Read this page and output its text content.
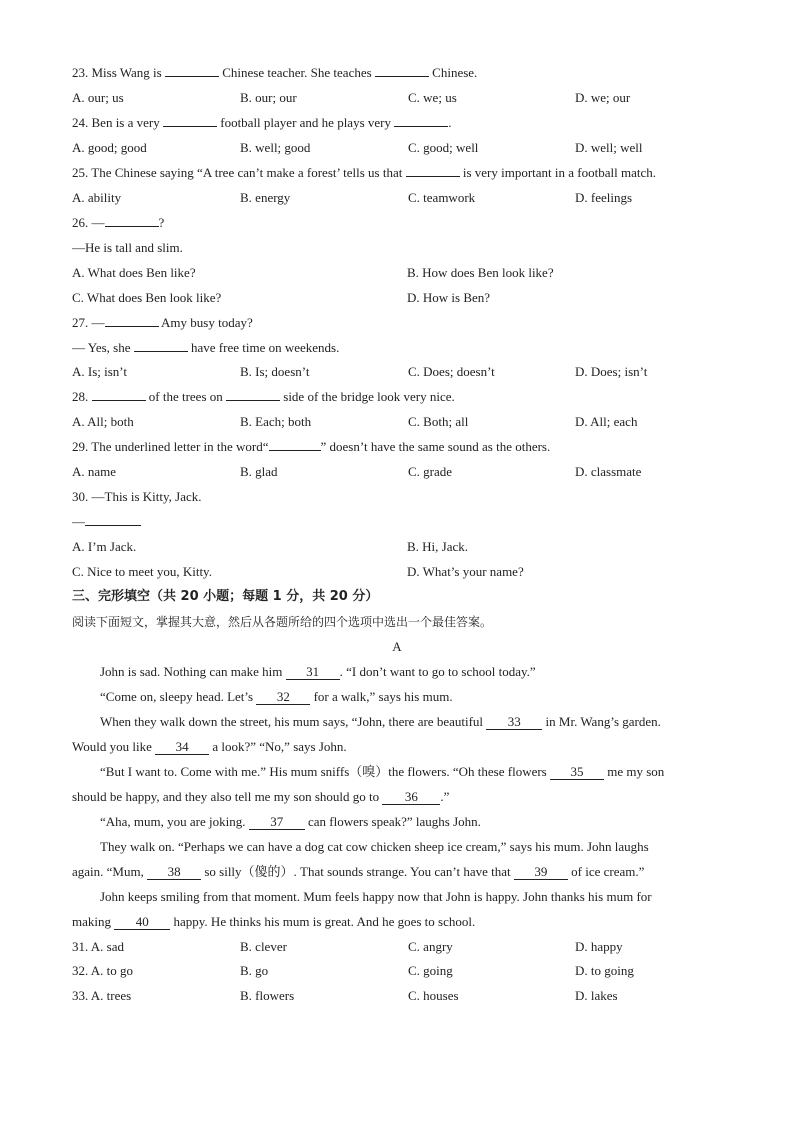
23. Miss Wang is	Chinese teacher. She teaches	Chinese.
A. our; us	B. our; our	C. we; us	D. we; our
24. Ben is a very	football player and he plays very	.
A. good; good	B. well; good	C. good; well	D. well; well
25. The Chinese saying “A tree can’t make a forest’ tells us that	is very important in a football match.
A. ability	B. energy	C. teamwork	D. feelings
26. —	?
—He is tall and slim.
A. What does Ben like?	B. How does Ben look like?
C. What does Ben look like?	D. How is Ben?
27. —	Amy busy today?
— Yes, she	have free time on weekends.
A. Is; isn’t	B. Is; doesn’t	C. Does; doesn’t	D. Does; isn’t
28.	of the trees on	side of the bridge look very nice.
A. All; both	B. Each; both	C. Both; all	D. All; each
29. The underlined letter in the word“	” doesn’t have the same sound as the others.
A. name	B. glad	C. grade	D. classmate
30. —This is Kitty, Jack.
—
A. I’m Jack.	B. Hi, Jack.
C. Nice to meet you, Kitty.	D. What’s your name?
三、完形填空（共 20 小题；每题 1 分，共 20 分）
阅读下面短文，掌握其大意，然后从各题所给的四个选项中选出一个最佳答案。
A
John is sad. Nothing can make him 31 . “I don’t want to go to school today.”
“Come on, sleepy head. Let’s 32 for a walk,” says his mum.
When they walk down the street, his mum says, “John, there are beautiful 33 in Mr. Wang’s garden.
Would you like 34 a look?” “No,” says John.
“But I want to. Come with me.” His mum sniffs（嗅）the flowers. “Oh these flowers 35 me my son
should be happy, and they also tell me my son should go to 36 .”
“Aha, mum, you are joking. 37 can flowers speak?” laughs John.
They walk on. “Perhaps we can have a dog cat cow chicken sheep ice cream,” says his mum. John laughs
again. “Mum, 38 so silly（傻的）. That sounds strange. You can’t have that 39 of ice cream.”
John keeps smiling from that moment. Mum feels happy now that John is happy. John thanks his mum for
making 40 happy. He thinks his mum is great. And he goes to school.
31. A. sad	B. clever	C. angry	D. happy
32. A. to go	B. go	C. going	D. to going
33. A. trees	B. flowers	C. houses	D. lakes
